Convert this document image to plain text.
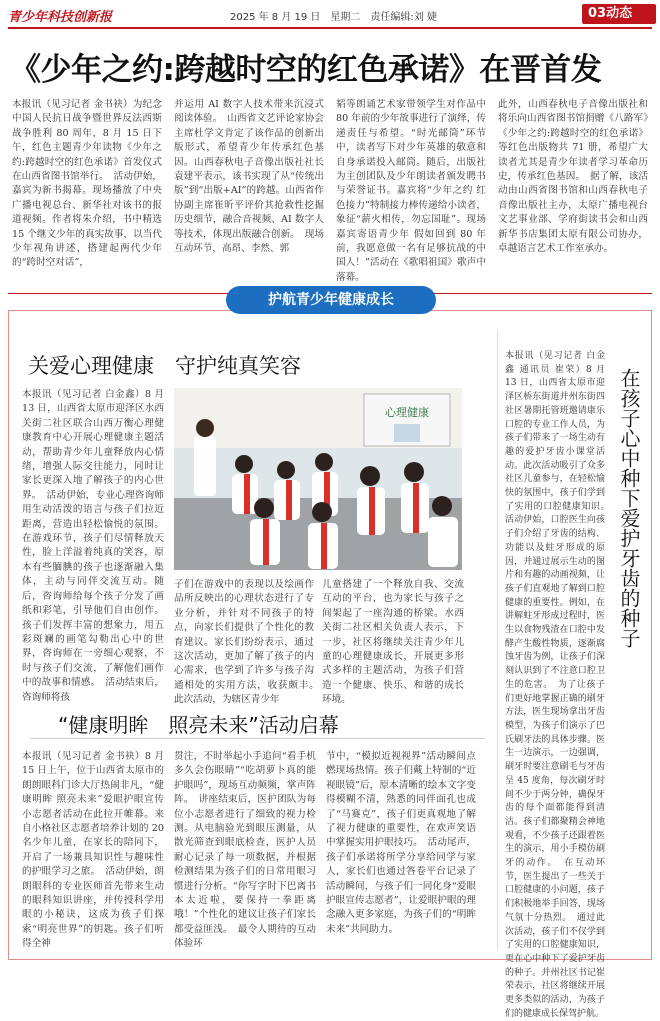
青少年科技创新报	2025 年 8 月 19 日　星期二　责任编辑:刘 婕	03动态
《少年之约:跨越时空的红色承诺》在晋首发
本报讯（见习记者 金书袂）为纪念中国人民抗日战争暨世界反法西斯战争胜利 80 周年，8 月 15 日下午，红色主题青少年读物《少年之约:跨越时空的红色承诺》首发仪式在山西省图书馆举行。　活动伊始，嘉宾为新书揭幕。现场播放了中央广播电视总台、新华社对该书的报道视频。作者将朱介绍，书中精选 15 个继文少年的真实故事，以当代少年视角讲述，搭建起两代少年的“跨时空对话”，
并运用 AI 数字人技术带来沉浸式阅读体验。　山西省文艺评论家协会主席杜学文肯定了该作品的创新出版形式，希望青少年传承红色基因。山西春秋电子音像出版社社长袁建平表示，该书实现了从“传统出版”到“出版+AI”的跨越。山西省作协副主席崔昕平评价其抢救性挖掘历史细节，融合音视频、AI 数字人等技术，体现出版融合创新。　现场互动环节，高昂、李然、郭
韬等朗诵艺术家带领学生对作品中 80 年前的少年故事进行了演绎，传递责任与希望。“时光邮筒”环节中，读者写下对少年英雄的敬意和自身承诺投入邮筒。随后，出版社为主创团队及少年朗读者颁发聘书与荣誉证书。嘉宾将“少年之约 红色接力”特制接力棒传递给小读者，象征“薪火相传，勿忘国耻”。现场嘉宾寄语青少年 假如回到 80 年前，我愿意做一名有足够抗战的中国人！”活动在《歌唱祖国》歌声中落幕。
此外，山西春秋电子音像出版社和将乐向山西省图书馆捐赠《八路军》《少年之约:跨越时空的红色承诺》等红色出版物共 71 册，希望广大读者尤其是青少年读者学习革命历史，传承红色基因。　据了解，该活动由山西省图书馆和山西春秋电子音像出版社主办，太原广播电视台文艺事业部、学府街读书会和山西新华书店集团太原有限公司协办，卓越语言艺术工作室承办。
护航青少年健康成长
关爱心理健康　守护纯真笑容
本报讯（见习记者 白金鑫）8 月 13 日，山西省太原市迎泽区水西关街二社区联合山西万衡心理健康教育中心开展心理健康主题活动，帮助青少年儿童释放内心情绪，增强人际交往能力，同时让家长更深入地了解孩子的内心世界。　活动伊始，专业心理咨询师用生动活泼的语言与孩子们拉近距离，营造出轻松愉悦的氛围。在游戏环节，孩子们尽情释放天性，脸上洋溢着纯真的笑容，原本有些腼腆的孩子也逐渐融入集体，主动与同伴交流互动。随后，咨询师给每个孩子分发了画纸和彩笔，引导他们自由创作。孩子们发挥丰富的想象力，用五彩斑斓的画笔勾勒出心中的世界，咨询师在一旁细心观察，不时与孩子们交流，了解他们画作中的故事和情感。　活动结束后，咨询师将孩
心理健康
子们在游戏中的表现以及绘画作品所反映出的心理状态进行了专业分析，并针对不同孩子的特点，向家长们提供了个性化的教育建议。家长们纷纷表示，通过这次活动，更加了解了孩子的内心需求，也学到了许多与孩子沟通相处的实用方法，收获颇丰。　此次活动，为辖区青少年
儿童搭建了一个释放自我、交流互动的平台，也为家长与孩子之间架起了一座沟通的桥梁。水西关街二社区相关负责人表示，下一步，社区将继续关注青少年儿童的心理健康成长，开展更多形式多样的主题活动，为孩子们营造一个健康、快乐、和谐的成长环境。
“健康明眸　照亮未来”活动启幕
本报讯（见习记者 金书袂）8 月 15 日上午，位于山西省太原市的朗朗眼科门诊大厅热闹非凡，“健康明眸 照亮未来”爱眼护眼宣传小志愿者活动在此拉开帷幕。来自小格社区志愿者培养计划的 20 名少年儿童，在家长的陪同下，开启了一场兼具知识性与趣味性的护眼学习之旅。　活动伊始，朗朗眼科的专业医师首先带来生动的眼科知识讲座，并传授科学用眼的小秘诀，这成为孩子们探索“明亮世界”的钥匙。孩子们听得全神
贯注，不时举起小手追问“看手机多久会伤眼睛”“吃胡萝卜真的能护眼吗”，现场互动频频，掌声阵阵。　讲座结束后，医护团队为每位小志愿者进行了细致的视力检测。从电脑验光到眼压测量，从散光筛查到眼底检查，医护人员耐心记录了每一项数据，并根据检测结果为孩子们的日常用眼习惯进行分析。“你写字时下巴离书本太近啦，要保持一拳距离哦！”个性化的建议让孩子们家长都受益匪浅。　最令人期待的互动体验环
节中，“模拟近视视界”活动瞬间点燃现场热情。孩子们戴上特制的“近视眼镜”后，原本清晰的绘本文字变得模糊不清，熟悉的同伴面孔也成了“马赛克”，孩子们更真观地了解了视力健康的重要性，在欢声笑语中掌握实用护眼技巧。　活动尾声，孩子们承诺将所学分享给同学与家人，家长们也通过答卷平台记录了活动瞬间，与孩子们一同化身“爱眼护眼宣传志愿者”，让爱眼护眼的理念融入更多家庭，为孩子们的“明眸未来”共同助力。
在孩子心中种下爱护牙齿的种子
本报讯（见习记者 白金鑫 通讯员 崔荣）8 月 13 日，山西省太原市迎泽区桥东街道并州东街四社区暑期托管班邀请康乐口腔的专业工作人员，为孩子们带来了一场生动有趣的爱护牙齿小课堂活动。此次活动吸引了众多社区儿童参与，在轻松愉快的氛围中，孩子们学到了实用的口腔健康知识。　活动伊始，口腔医生向孩子们介绍了牙齿的结构、功能以及蛀牙形成的原因，并通过展示生动的图片和有趣的动画视频，让孩子们直观地了解到口腔健康的重要性。例如，在讲解蛀牙形成过程时，医生以食物残渣在口腔中发酵产生酸性物质，逐渐腐蚀牙齿为例，让孩子们深刻认识到了不注意口腔卫生的危害。　为了让孩子们更好地掌握正确的刷牙方法，医生现场拿出牙齿模型，为孩子们演示了巴氏刷牙法的具体步骤。医生一边演示，一边强调，刷牙时要注意刷毛与牙齿呈 45 度角，每次刷牙时间不少于两分钟，确保牙齿的每个面都能得到清洁。孩子们都聚精会神地观看，不少孩子还跟着医生的演示，用小手模仿刷牙的动作。　在互动环节，医生提出了一些关于口腔健康的小问题，孩子们积极地举手回答，现场气氛十分热烈。　通过此次活动，孩子们不仅学到了实用的口腔健康知识，更在心中种下了爱护牙齿的种子。并州社区书记崔荣表示，社区将继续开展更多类似的活动，为孩子们的健康成长保驾护航。
